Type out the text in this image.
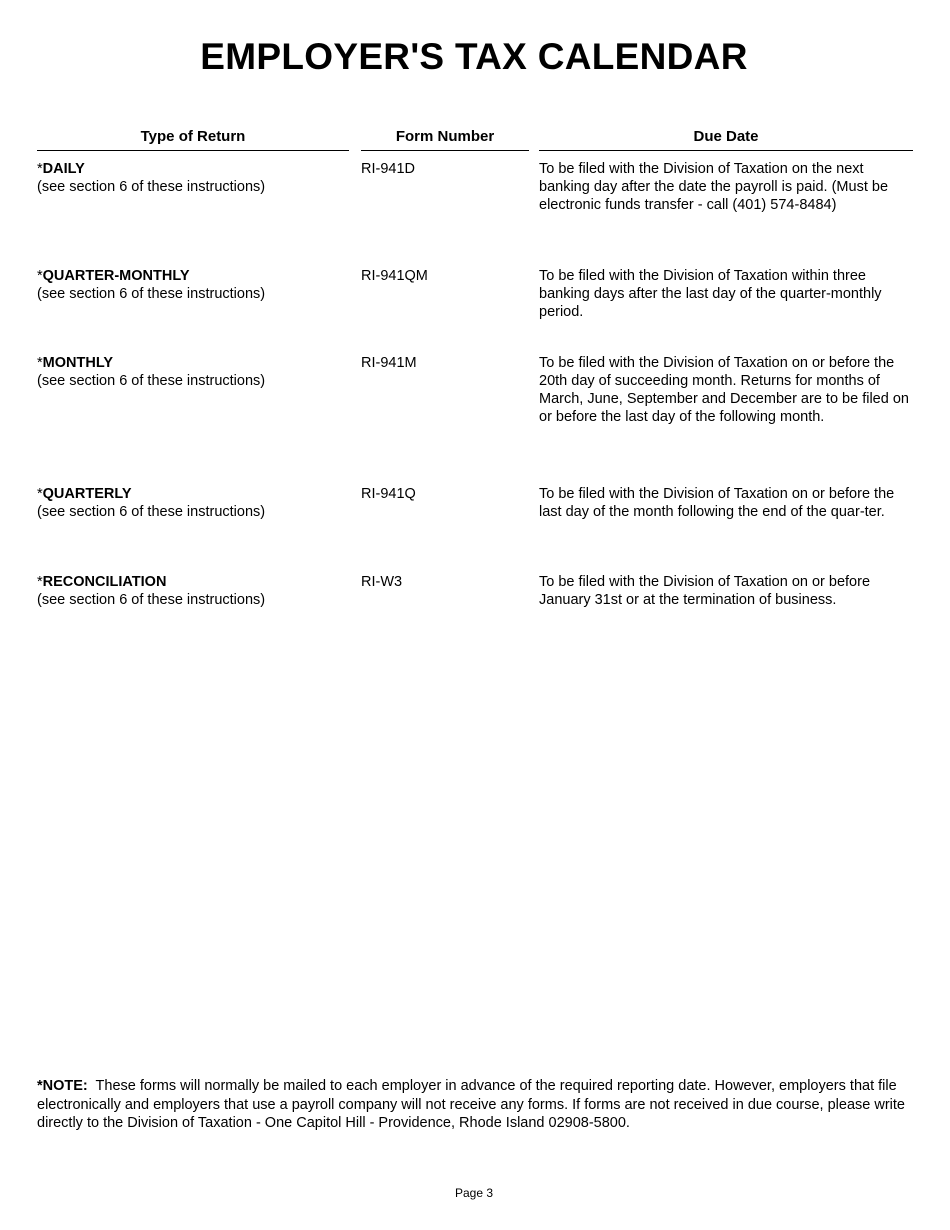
EMPLOYER'S TAX CALENDAR
Type of Return	Form Number	Due Date
*DAILY
(see section 6 of these instructions)
RI-941D	To be filed with the Division of Taxation on the next banking day after the date the payroll is paid. (Must be electronic funds transfer - call (401) 574-8484)
*QUARTER-MONTHLY
(see section 6 of these instructions)
RI-941QM	To be filed with the Division of Taxation within three banking days after the last day of the quarter-monthly period.
*MONTHLY
(see section 6 of these instructions)
RI-941M	To be filed with the Division of Taxation on or before the 20th day of succeeding month. Returns for months of March, June, September and December are to be filed on or before the last day of the following month.
*QUARTERLY
(see section 6 of these instructions)
RI-941Q	To be filed with the Division of Taxation on or before the last day of the month following the end of the quar-ter.
*RECONCILIATION
(see section 6 of these instructions)
RI-W3	To be filed with the Division of Taxation on or before January 31st or at the termination of business.
*NOTE: These forms will normally be mailed to each employer in advance of the required reporting date. However, employers that file electronically and employers that use a payroll company will not receive any forms. If forms are not received in due course, please write directly to the Division of Taxation - One Capitol Hill - Providence, Rhode Island 02908-5800.
Page 3
